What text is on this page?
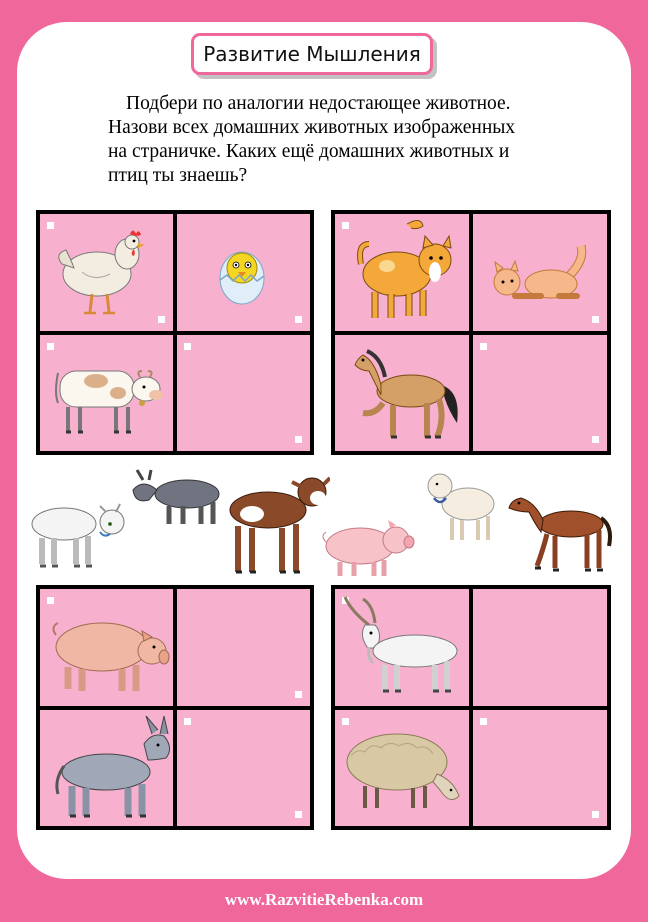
Развитие Мышления

Подбери по аналогии недостающее животное.
Назови всех домашних животных изображенных
на страничке. Каких ещё домашних животных и
птиц ты знаешь?

www.RazvitieRebenka.com
